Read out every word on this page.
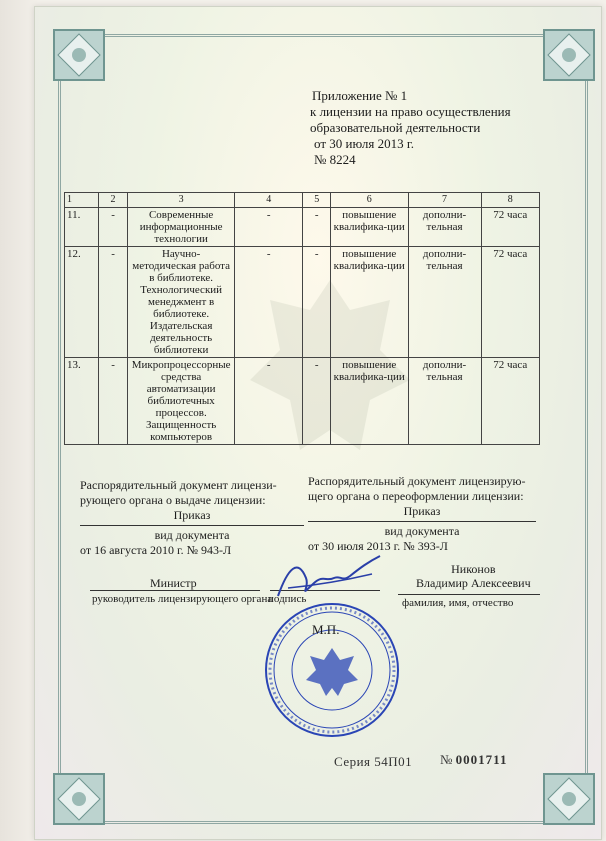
Приложение № 1
к лицензии на право осуществления
образовательной деятельности
от 30 июля 2013 г.
№ 8224
1	2	3	4	5	6	7	8
11.	-	Современные информационные технологии	-	-	повышение квалифика-ции	дополни-тельная	72 часа
12.	-	Научно-методическая работа в библиотеке. Технологический менеджмент в библиотеке. Издательская деятельность библиотеки	-	-	повышение квалифика-ции	дополни-тельная	72 часа
13.	-	Микропроцессорные средства автоматизации библиотечных процессов. Защищенность компьютеров	-	-	повышение квалифика-ции	дополни-тельная	72 часа
Распорядительный документ лицензи-рующего органа о выдаче лицензии:
Приказ
вид документа
от 16 августа 2010 г. № 943-Л
Распорядительный документ лицензирую-щего органа о переоформлении лицензии:
Приказ
вид документа
от 30 июля 2013 г. № 393-Л
Министр
руководитель лицензирующего органа
подпись
Никонов
Владимир Алексеевич
фамилия, имя, отчество
М.П.
Серия 54П01 № 0001711
